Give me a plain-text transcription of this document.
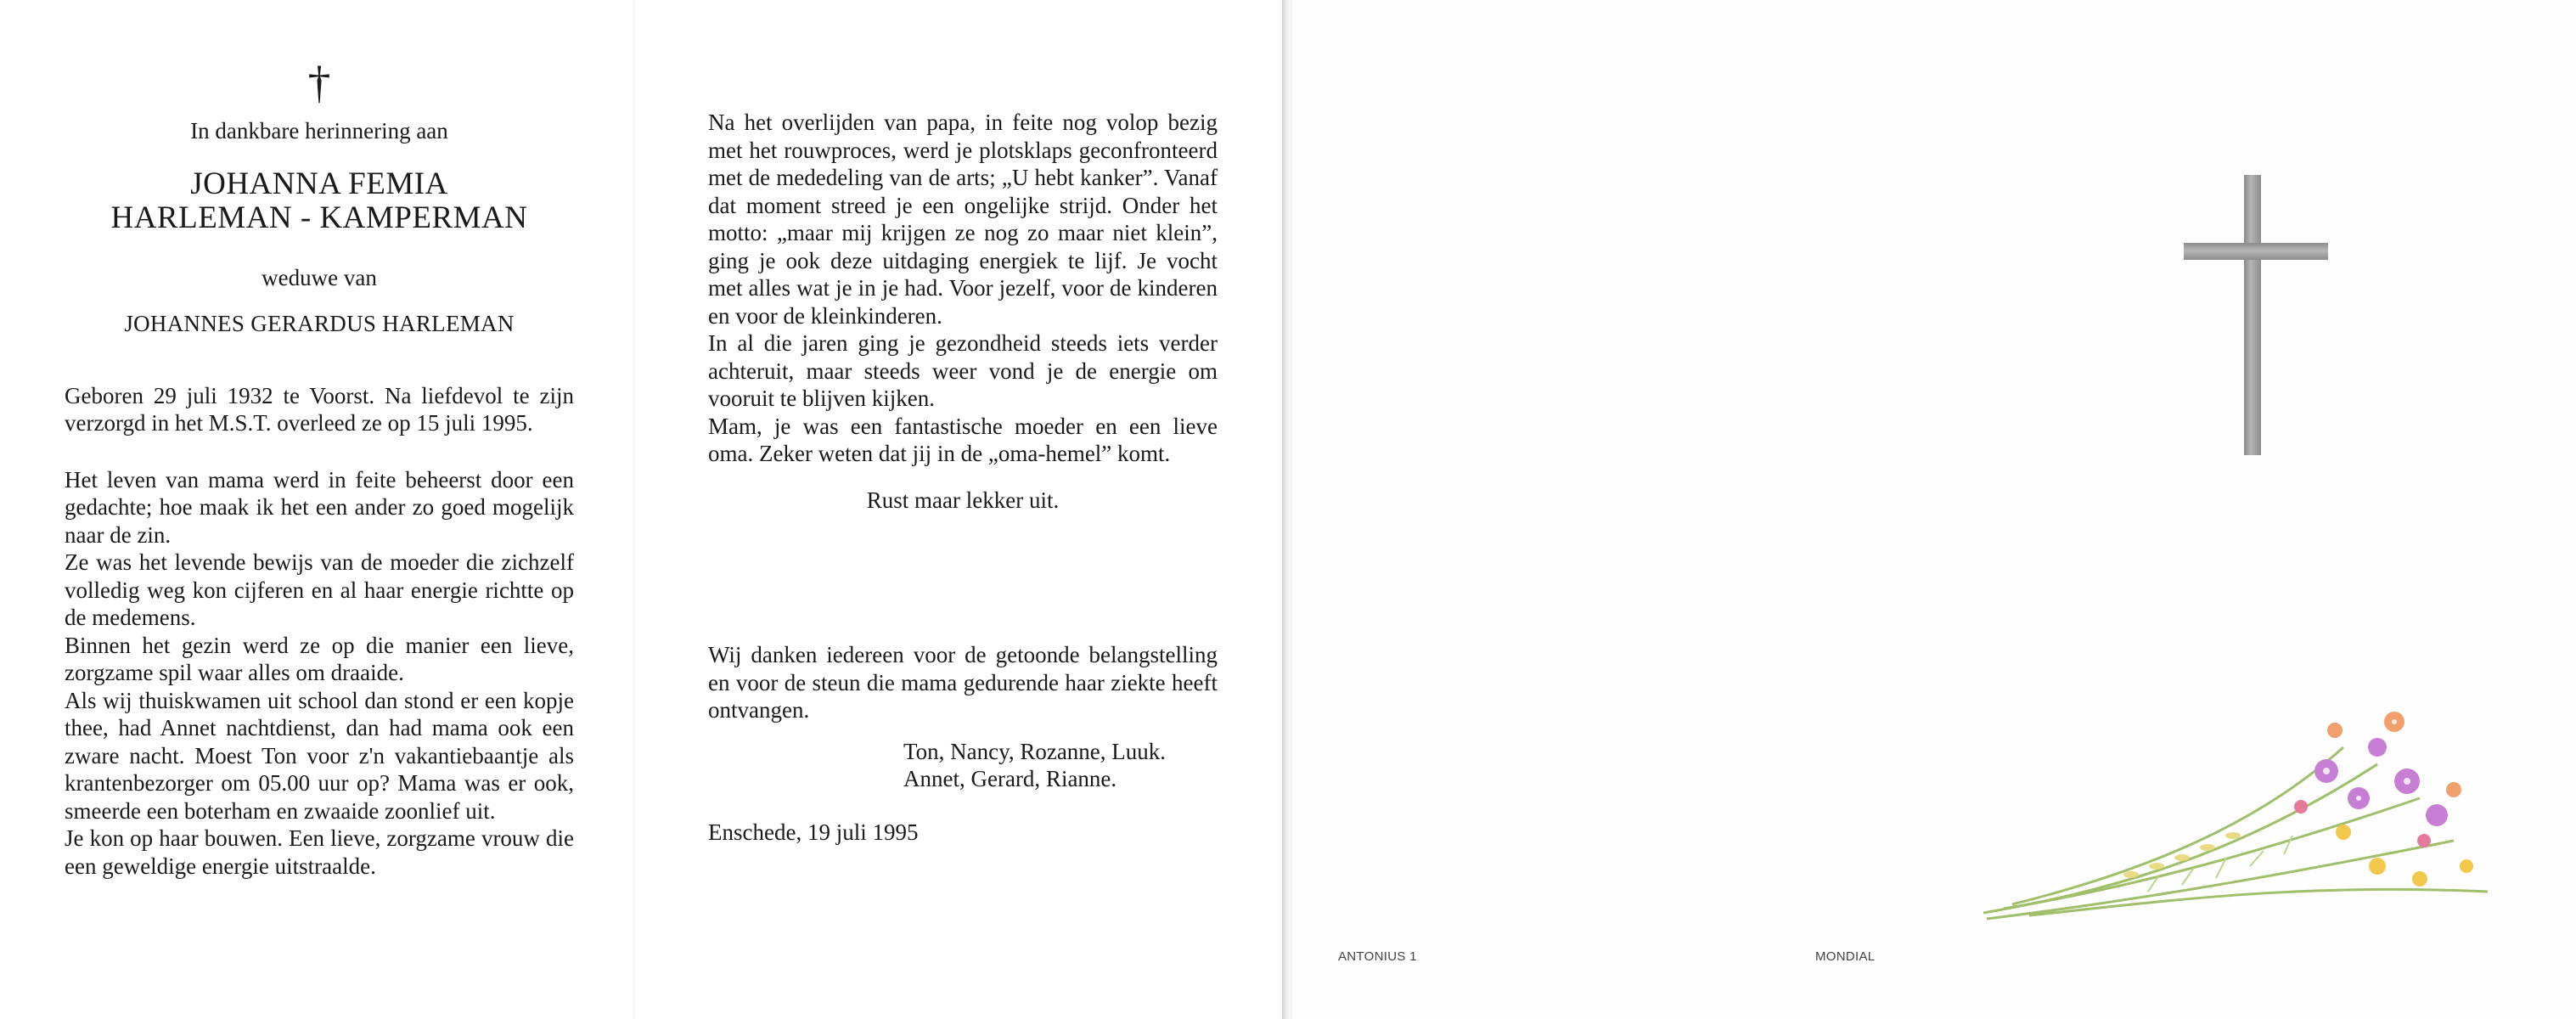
†
In dankbare herinnering aan
JOHANNA FEMIA
HARLEMAN - KAMPERMAN
weduwe van
JOHANNES GERARDUS HARLEMAN

Geboren 29 juli 1932 te Voorst. Na liefdevol te zijn verzorgd in het M.S.T. overleed ze op 15 juli 1995.

Het leven van mama werd in feite beheerst door een gedachte; hoe maak ik het een ander zo goed mogelijk naar de zin.

Ze was het levende bewijs van de moeder die zichzelf volledig weg kon cijferen en al haar energie richtte op de medemens.

Binnen het gezin werd ze op die manier een lieve, zorgzame spil waar alles om draaide.

Als wij thuiskwamen uit school dan stond er een kopje thee, had Annet nachtdienst, dan had mama ook een zware nacht. Moest Ton voor z'n vakantiebaantje als krantenbezorger om 05.00 uur op? Mama was er ook, smeerde een boterham en zwaaide zoonlief uit.

Je kon op haar bouwen. Een lieve, zorgzame vrouw die een geweldige energie uitstraalde.

Na het overlijden van papa, in feite nog volop bezig met het rouwproces, werd je plotsklaps geconfronteerd met de mededeling van de arts; „U hebt kanker”. Vanaf dat moment streed je een ongelijke strijd. Onder het motto: „maar mij krijgen ze nog zo maar niet klein”, ging je ook deze uitdaging energiek te lijf. Je vocht met alles wat je in je had. Voor jezelf, voor de kinderen en voor de kleinkinderen.

In al die jaren ging je gezondheid steeds iets verder achteruit, maar steeds weer vond je de energie om vooruit te blijven kijken.

Mam, je was een fantastische moeder en een lieve oma. Zeker weten dat jij in de „oma-hemel” komt.

Rust maar lekker uit.

Wij danken iedereen voor de getoonde belangstelling en voor de steun die mama gedurende haar ziekte heeft ontvangen.

Ton, Nancy, Rozanne, Luuk.
Annet, Gerard, Rianne.
Enschede, 19 juli 1995
ANTONIUS 1	MONDIAL
